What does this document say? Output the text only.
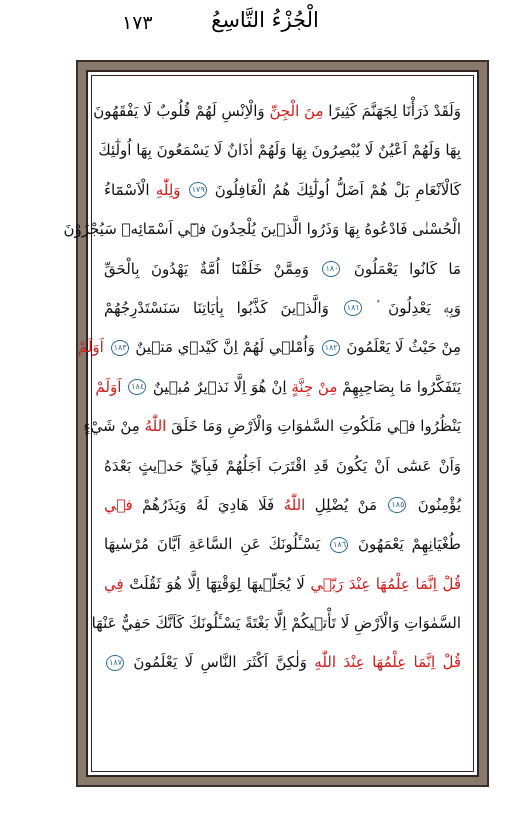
الْجُزْءُ التَّاسِعُ
١٧٣
وَلَقَدْ ذَرَأْنَا لِجَهَنَّمَ كَثِيرًا مِنَ الْجِنِّ وَالْاِنْسِ لَهُمْ قُلُوبٌ لَا يَفْقَهُونَ
بِهَا وَلَهُمْ اَعْيُنٌ لَا يُبْصِرُونَ بِهَا وَلَهُمْ اٰذَانٌ لَا يَسْمَعُونَ بِهَا اُولٰٓئِكَ
كَالْاَنْعَامِ بَلْ هُمْ اَضَلُّ اُولٰٓئِكَ هُمُ الْغَافِلُونَ ١٧٩ وَلِلّٰهِ الْاَسْمَٓاءُ
الْحُسْنٰى فَادْعُوهُ بِهَا وَذَرُوا الَّذٖينَ يُلْحِدُونَ فٖٓي اَسْمَٓائِهٖ سَيُجْزَوْنَ
مَا كَانُوا يَعْمَلُونَ ١٨٠ وَمِمَّنْ خَلَقْنَٓا اُمَّةٌ يَهْدُونَ بِالْحَقِّ
وَبِهٖ يَعْدِلُونَ ۟ ١٨١ وَالَّذٖينَ كَذَّبُوا بِاٰيَاتِنَا سَنَسْتَدْرِجُهُمْ
مِنْ حَيْثُ لَا يَعْلَمُونَ ١٨٢ وَاُمْلٖي لَهُمْ اِنَّ كَيْدٖي مَتٖينٌ ١٨٣ اَوَلَمْ
يَتَفَكَّرُوا مَا بِصَاحِبِهِمْ مِنْ جِنَّةٍ اِنْ هُوَ اِلَّا نَذٖيرٌ مُبٖينٌ ١٨٤ اَوَلَمْ
يَنْظُرُوا فٖي مَلَكُوتِ السَّمٰوَاتِ وَالْاَرْضِ وَمَا خَلَقَ اللّٰهُ مِنْ شَيْءٍ
وَاَنْ عَسٰٓى اَنْ يَكُونَ قَدِ اقْتَرَبَ اَجَلُهُمْ فَبِاَيِّ حَدٖيثٍ بَعْدَهُ
يُؤْمِنُونَ ١٨٥ مَنْ يُضْلِلِ اللّٰهُ فَلَا هَادِيَ لَهُ وَيَذَرُهُمْ فٖي
طُغْيَانِهِمْ يَعْمَهُونَ ١٨٦ يَسْـَٔلُونَكَ عَنِ السَّاعَةِ اَيَّانَ مُرْسٰيهَا
قُلْ اِنَّمَا عِلْمُهَا عِنْدَ رَبّٖي لَا يُجَلّٖيهَا لِوَقْتِهَٓا اِلَّا هُوَ ثَقُلَتْ فِي
السَّمٰوَاتِ وَالْاَرْضِ لَا تَأْتٖيكُمْ اِلَّا بَغْتَةً يَسْـَٔلُونَكَ كَاَنَّكَ حَفِيٌّ عَنْهَا
قُلْ اِنَّمَا عِلْمُهَا عِنْدَ اللّٰهِ وَلٰكِنَّ اَكْثَرَ النَّاسِ لَا يَعْلَمُونَ ١٨٧
